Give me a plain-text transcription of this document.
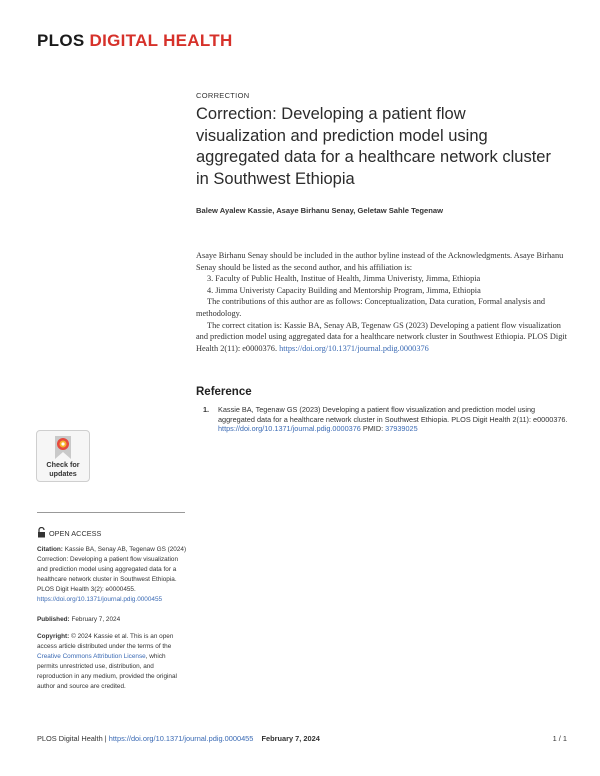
PLOS DIGITAL HEALTH
CORRECTION
Correction: Developing a patient flow visualization and prediction model using aggregated data for a healthcare network cluster in Southwest Ethiopia
Balew Ayalew Kassie, Asaye Birhanu Senay, Geletaw Sahle Tegenaw

Asaye Birhanu Senay should be included in the author byline instead of the Acknowledgments. Asaye Birhanu Senay should be listed as the second author, and his affiliation is:

3. Faculty of Public Health, Institue of Health, Jimma Univeristy, Jimma, Ethiopia

4. Jimma Univeristy Capacity Building and Mentorship Program, Jimma, Ethiopia

The contributions of this author are as follows: Conceptualization, Data curation, Formal analysis and methodology.

The correct citation is: Kassie BA, Senay AB, Tegenaw GS (2023) Developing a patient flow visualization and prediction model using aggregated data for a healthcare network cluster in Southwest Ethiopia. PLOS Digit Health 2(11): e0000376. https://doi.org/10.1371/journal.pdig.0000376

Reference
1. Kassie BA, Tegenaw GS (2023) Developing a patient flow visualization and prediction model using aggregated data for a healthcare network cluster in Southwest Ethiopia. PLOS Digit Health 2(11): e0000376. https://doi.org/10.1371/journal.pdig.0000376 PMID: 37939025
Check for
updates
OPEN ACCESS
Citation: Kassie BA, Senay AB, Tegenaw GS (2024) Correction: Developing a patient flow visualization and prediction model using aggregated data for a healthcare network cluster in Southwest Ethiopia. PLOS Digit Health 3(2): e0000455. https://doi.org/10.1371/journal.pdig.0000455
Published: February 7, 2024
Copyright: © 2024 Kassie et al. This is an open access article distributed under the terms of the Creative Commons Attribution License, which permits unrestricted use, distribution, and reproduction in any medium, provided the original author and source are credited.
PLOS Digital Health | https://doi.org/10.1371/journal.pdig.0000455 February 7, 2024	1 / 1
